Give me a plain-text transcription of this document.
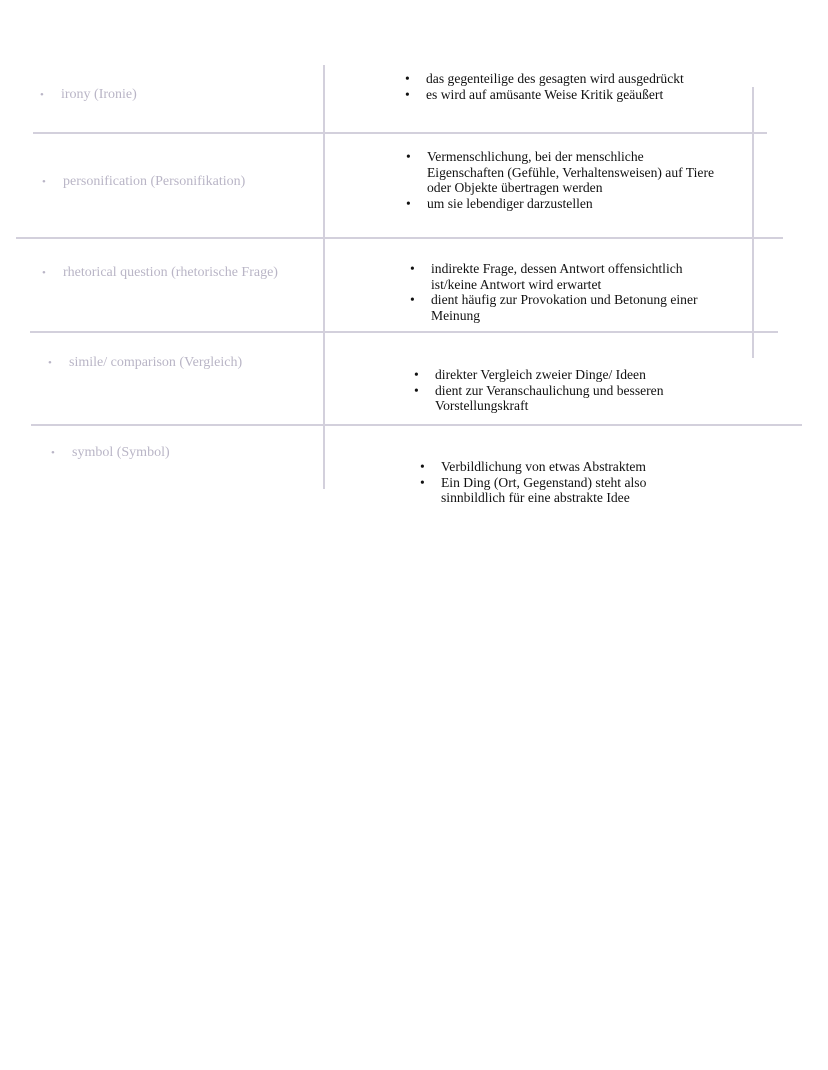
• irony (Ironie)
• personification (Personifikation)
• rhetorical question (rhetorische Frage)
• simile/ comparison (Vergleich)
• symbol (Symbol)
• das gegenteilige des gesagten wird ausgedrückt
• es wird auf amüsante Weise Kritik geäußert
• Vermenschlichung, bei der menschliche
Eigenschaften (Gefühle, Verhaltensweisen) auf Tiere
oder Objekte übertragen werden
• um sie lebendiger darzustellen
• indirekte Frage, dessen Antwort offensichtlich
ist/keine Antwort wird erwartet
• dient häufig zur Provokation und Betonung einer
Meinung
• direkter Vergleich zweier Dinge/ Ideen
• dient zur Veranschaulichung und besseren
Vorstellungskraft
• Verbildlichung von etwas Abstraktem
• Ein Ding (Ort, Gegenstand) steht also
sinnbildlich für eine abstrakte Idee
